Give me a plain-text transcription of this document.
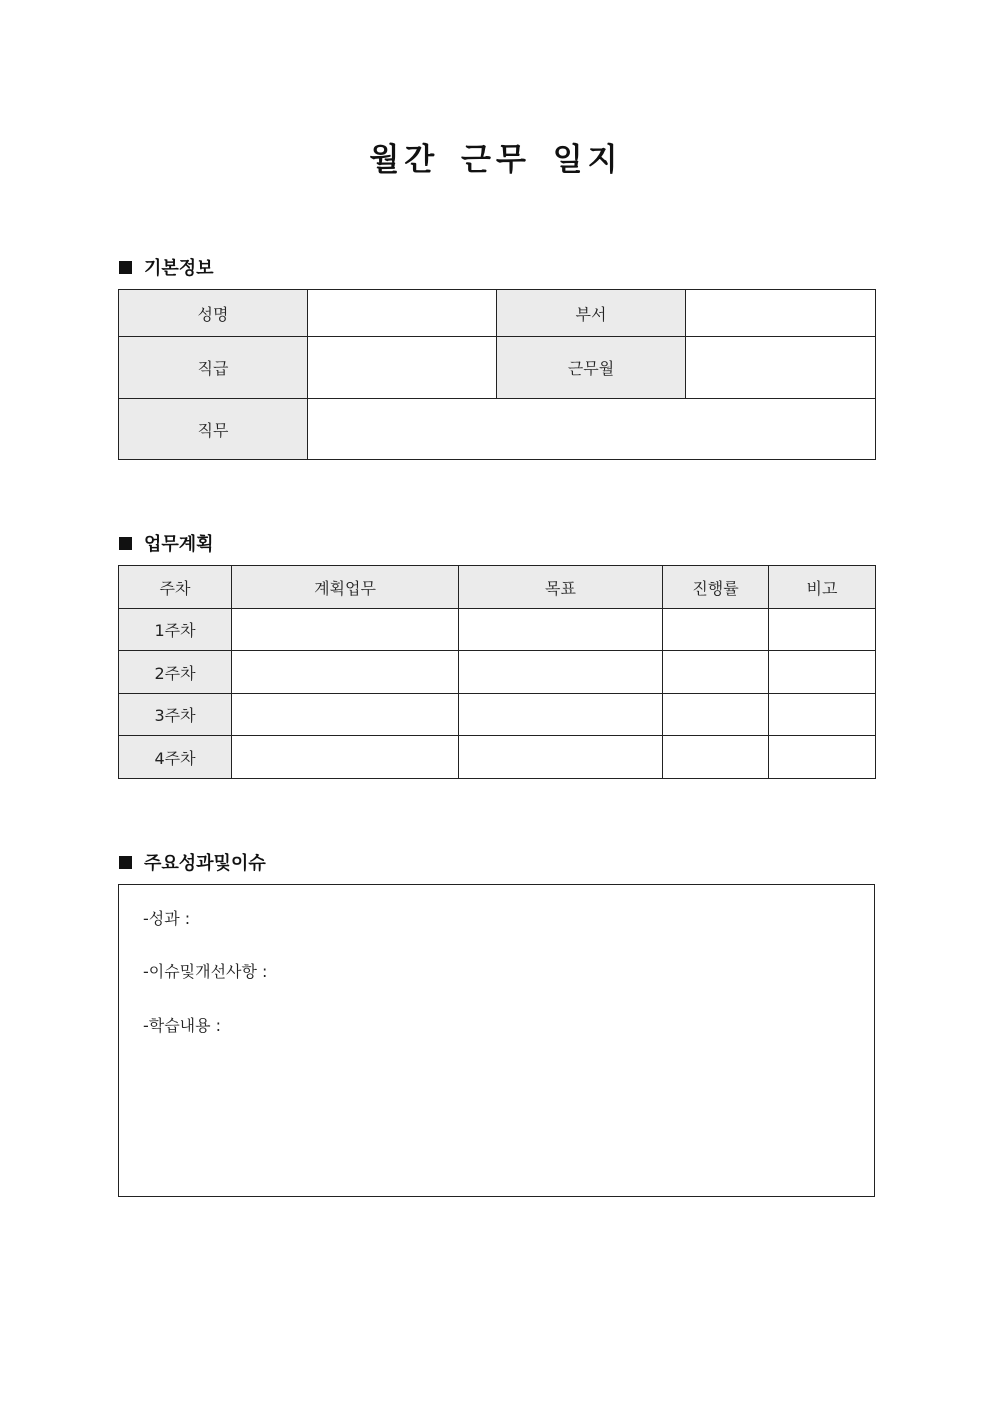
월간 근무 일지
기본정보
성명		부서	
직급		근무월	
직무			
업무계획
주차	계획업무	목표	진행률	비고
1주차				
2주차				
3주차				
4주차				
주요성과및이슈
-성과 :
-이슈및개선사항 :
-학습내용 :
